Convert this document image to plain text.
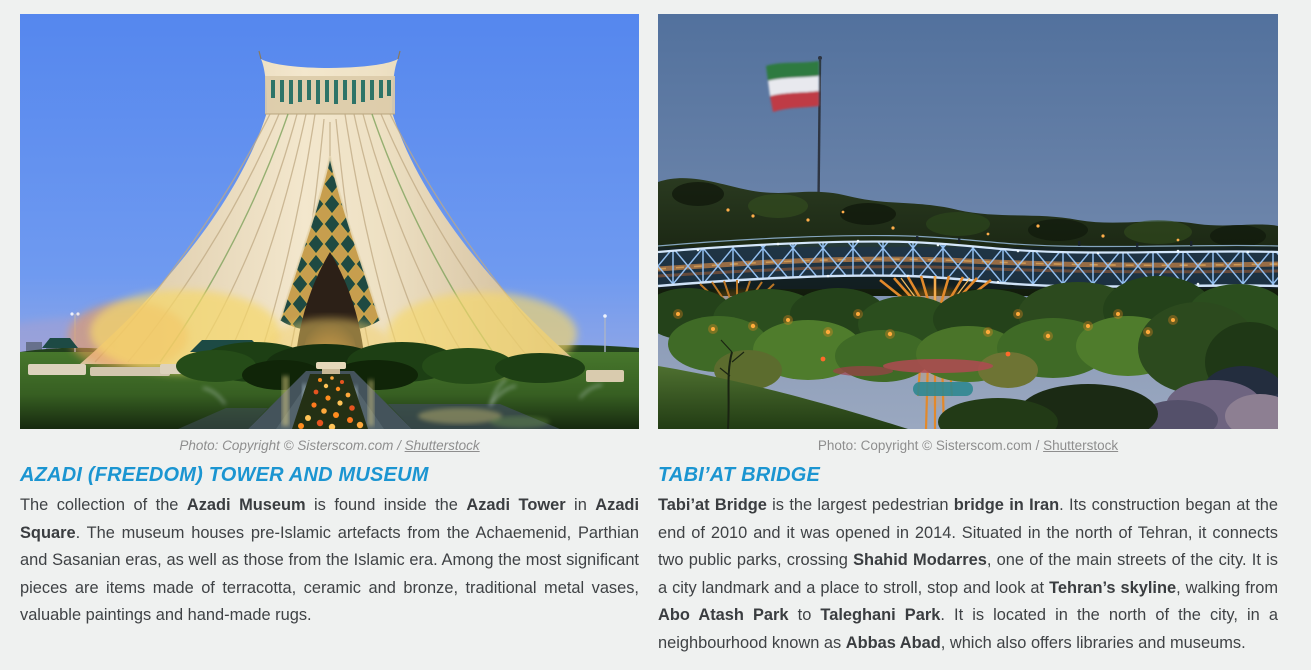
Photo: Copyright © Sisterscom.com / Shutterstock
AZADI (FREEDOM) TOWER AND MUSEUM

The collection of the Azadi Museum is found inside the Azadi Tower in Azadi Square. The museum houses pre-Islamic artefacts from the Achaemenid, Parthian and Sasanian eras, as well as those from the Islamic era. Among the most significant pieces are items made of terracotta, ceramic and bronze, traditional metal vases, valuable paintings and hand-made rugs.

Photo: Copyright © Sisterscom.com / Shutterstock
TABI’AT BRIDGE

Tabi’at Bridge is the largest pedestrian bridge in Iran. Its construction began at the end of 2010 and it was opened in 2014. Situated in the north of Tehran, it connects two public parks, crossing Shahid Modarres, one of the main streets of the city. It is a city landmark and a place to stroll, stop and look at Tehran’s skyline, walking from Abo Atash Park to Taleghani Park. It is located in the north of the city, in a neighbourhood known as Abbas Abad, which also offers libraries and museums.
